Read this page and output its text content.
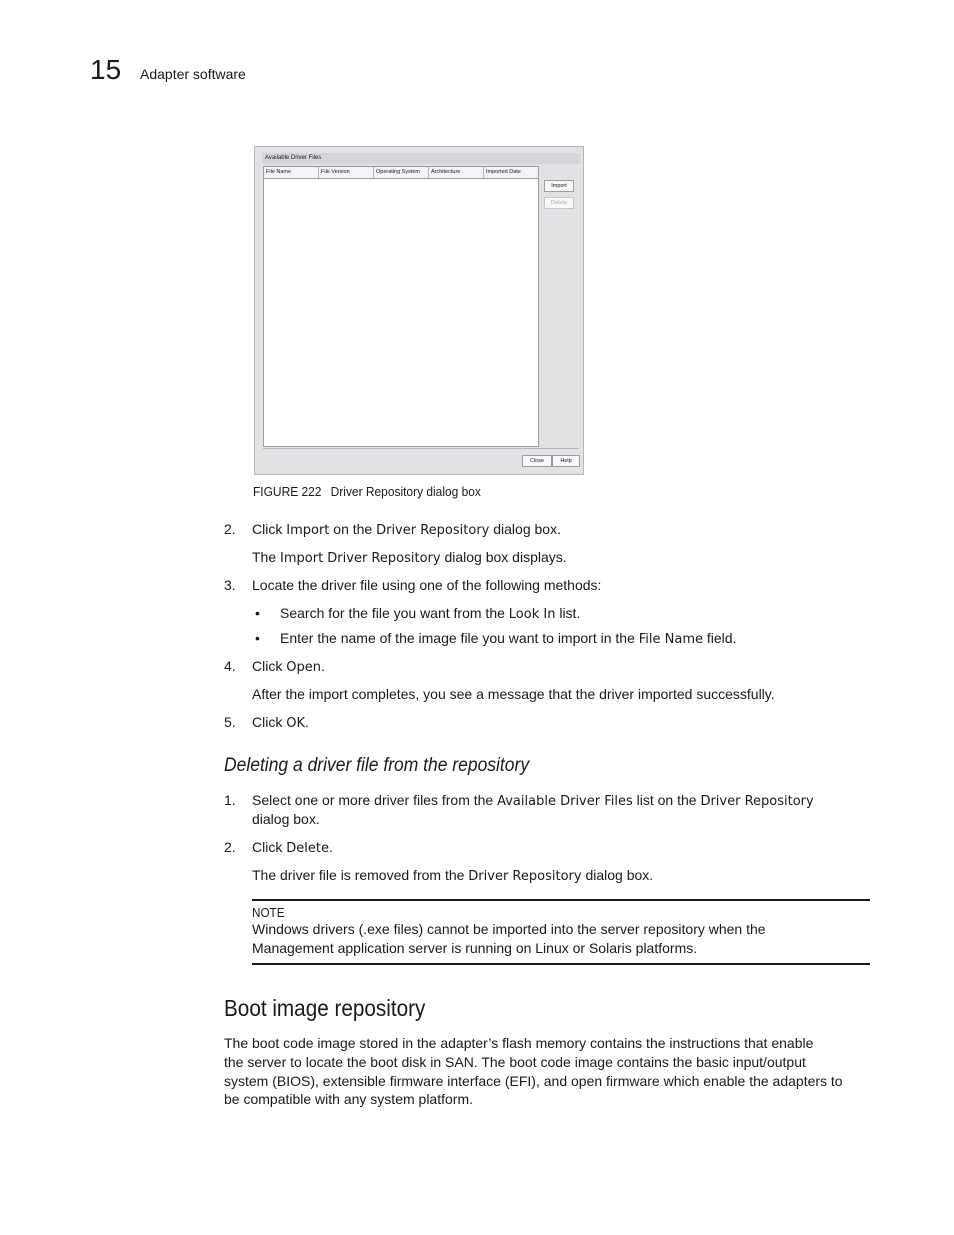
15 Adapter software
Available Driver Files
File Name	File Version	Operating System	Architecture	Imported Date
Import
Delete
Close	Help
FIGURE 222 Driver Repository dialog box
2. Click Import on the Driver Repository dialog box.
The Import Driver Repository dialog box displays.
3. Locate the driver file using one of the following methods:
• Search for the file you want from the Look In list.
• Enter the name of the image file you want to import in the File Name field.
4. Click Open.
After the import completes, you see a message that the driver imported successfully.
5. Click OK.
Deleting a driver file from the repository
1. Select one or more driver files from the Available Driver Files list on the Driver Repository
dialog box.
2. Click Delete.
The driver file is removed from the Driver Repository dialog box.
NOTE
Windows drivers (.exe files) cannot be imported into the server repository when the
Management application server is running on Linux or Solaris platforms.
Boot image repository
The boot code image stored in the adapter’s flash memory contains the instructions that enable
the server to locate the boot disk in SAN. The boot code image contains the basic input/output
system (BIOS), extensible firmware interface (EFI), and open firmware which enable the adapters to
be compatible with any system platform.
